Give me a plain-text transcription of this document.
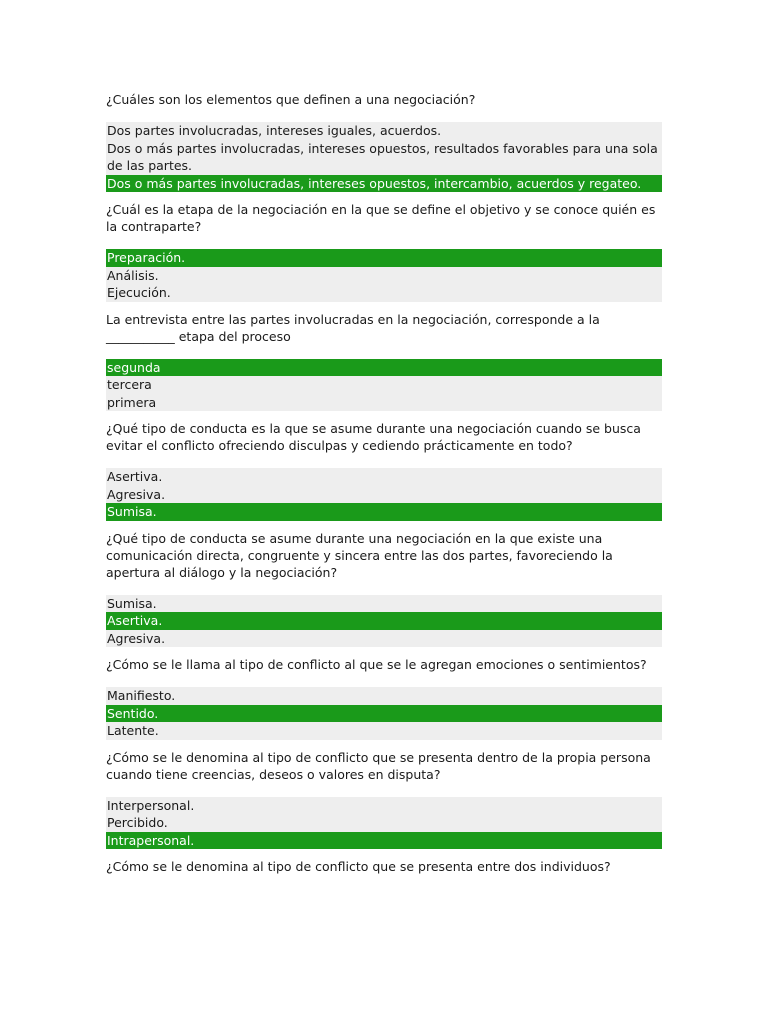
¿Cuáles son los elementos que definen a una negociación?
Dos partes involucradas, intereses iguales, acuerdos.
Dos o más partes involucradas, intereses opuestos, resultados favorables para una sola de las partes.
Dos o más partes involucradas, intereses opuestos, intercambio, acuerdos y regateo.
¿Cuál es la etapa de la negociación en la que se define el objetivo y se conoce quién es la contraparte?
Preparación.
Análisis.
Ejecución.
La entrevista entre las partes involucradas en la negociación, corresponde a la ___________ etapa del proceso
segunda
tercera
primera
¿Qué tipo de conducta es la que se asume durante una negociación cuando se busca evitar el conflicto ofreciendo disculpas y cediendo prácticamente en todo?
Asertiva.
Agresiva.
Sumisa.
¿Qué tipo de conducta se asume durante una negociación en la que existe una comunicación directa, congruente y sincera entre las dos partes, favoreciendo la apertura al diálogo y la negociación?
Sumisa.
Asertiva.
Agresiva.
¿Cómo se le llama al tipo de conflicto al que se le agregan emociones o sentimientos?
Manifiesto.
Sentido.
Latente.
¿Cómo se le denomina al tipo de conflicto que se presenta dentro de la propia persona cuando tiene creencias, deseos o valores en disputa?
Interpersonal.
Percibido.
Intrapersonal.
¿Cómo se le denomina al tipo de conflicto que se presenta entre dos individuos?
